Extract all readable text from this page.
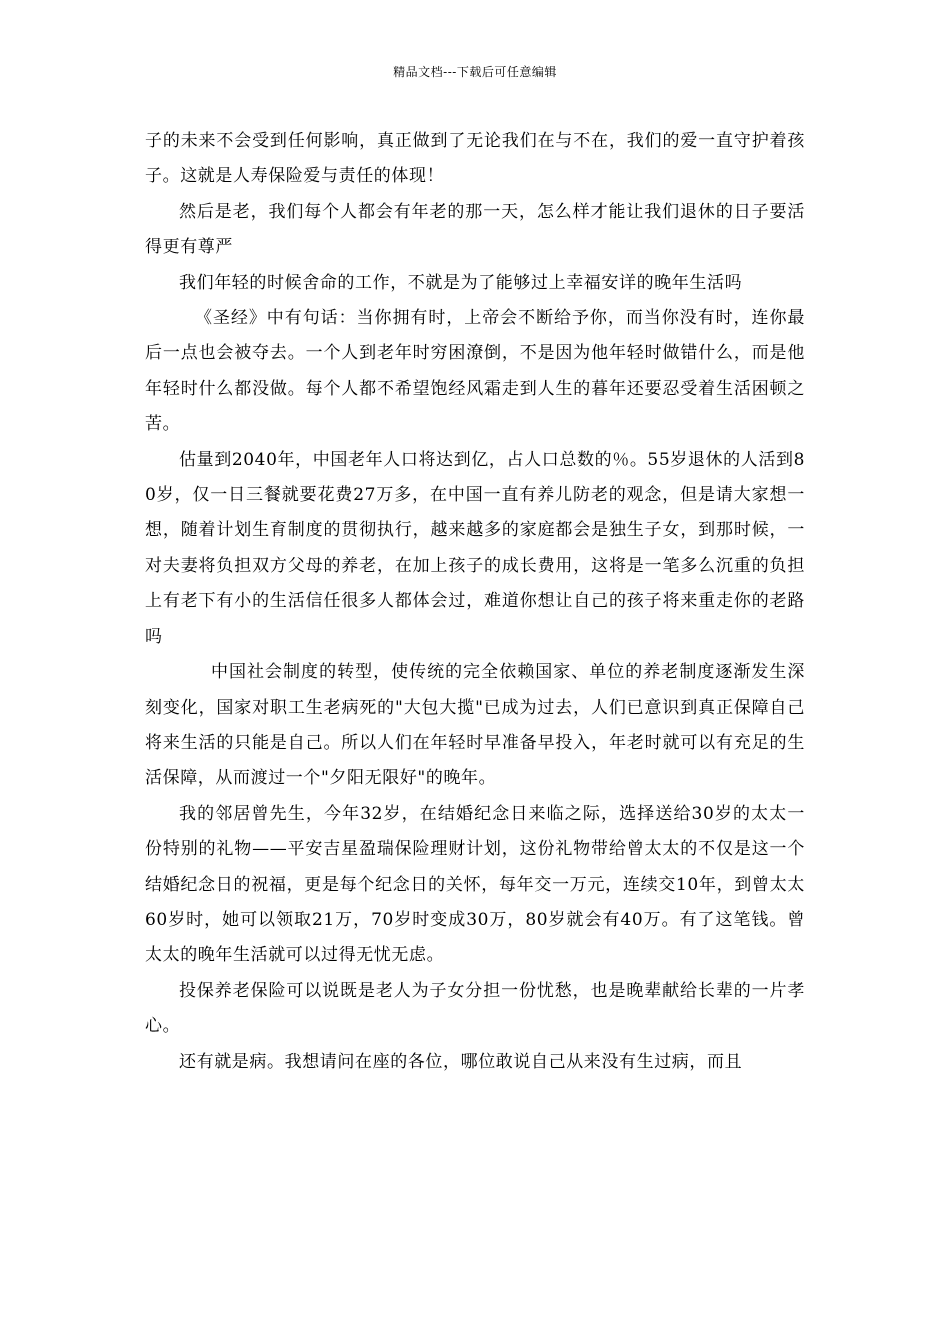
精品文档---下载后可任意编辑

子的未来不会受到任何影响，真正做到了无论我们在与不在，我们的爱一直守护着孩子。这就是人寿保险爱与责任的体现！

然后是老，我们每个人都会有年老的那一天，怎么样才能让我们退休的日子要活得更有尊严

我们年轻的时候舍命的工作，不就是为了能够过上幸福安详的晚年生活吗

《圣经》中有句话：当你拥有时，上帝会不断给予你，而当你没有时，连你最后一点也会被夺去。一个人到老年时穷困潦倒，不是因为他年轻时做错什么，而是他年轻时什么都没做。每个人都不希望饱经风霜走到人生的暮年还要忍受着生活困顿之苦。

估量到2040年，中国老年人口将达到亿，占人口总数的％。55岁退休的人活到80岁，仅一日三餐就要花费27万多，在中国一直有养儿防老的观念，但是请大家想一想，随着计划生育制度的贯彻执行，越来越多的家庭都会是独生子女，到那时候，一对夫妻将负担双方父母的养老，在加上孩子的成长费用，这将是一笔多么沉重的负担上有老下有小的生活信任很多人都体会过，难道你想让自己的孩子将来重走你的老路吗

中国社会制度的转型，使传统的完全依赖国家、单位的养老制度逐渐发生深刻变化，国家对职工生老病死的"大包大揽"已成为过去，人们已意识到真正保障自己将来生活的只能是自己。所以人们在年轻时早准备早投入，年老时就可以有充足的生活保障，从而渡过一个"夕阳无限好"的晚年。

我的邻居曾先生，今年32岁，在结婚纪念日来临之际，选择送给30岁的太太一份特别的礼物——平安吉星盈瑞保险理财计划，这份礼物带给曾太太的不仅是这一个结婚纪念日的祝福，更是每个纪念日的关怀，每年交一万元，连续交10年，到曾太太60岁时，她可以领取21万，70岁时变成30万，80岁就会有40万。有了这笔钱。曾太太的晚年生活就可以过得无忧无虑。

投保养老保险可以说既是老人为子女分担一份忧愁，也是晚辈献给长辈的一片孝心。

还有就是病。我想请问在座的各位，哪位敢说自己从来没有生过病，而且
